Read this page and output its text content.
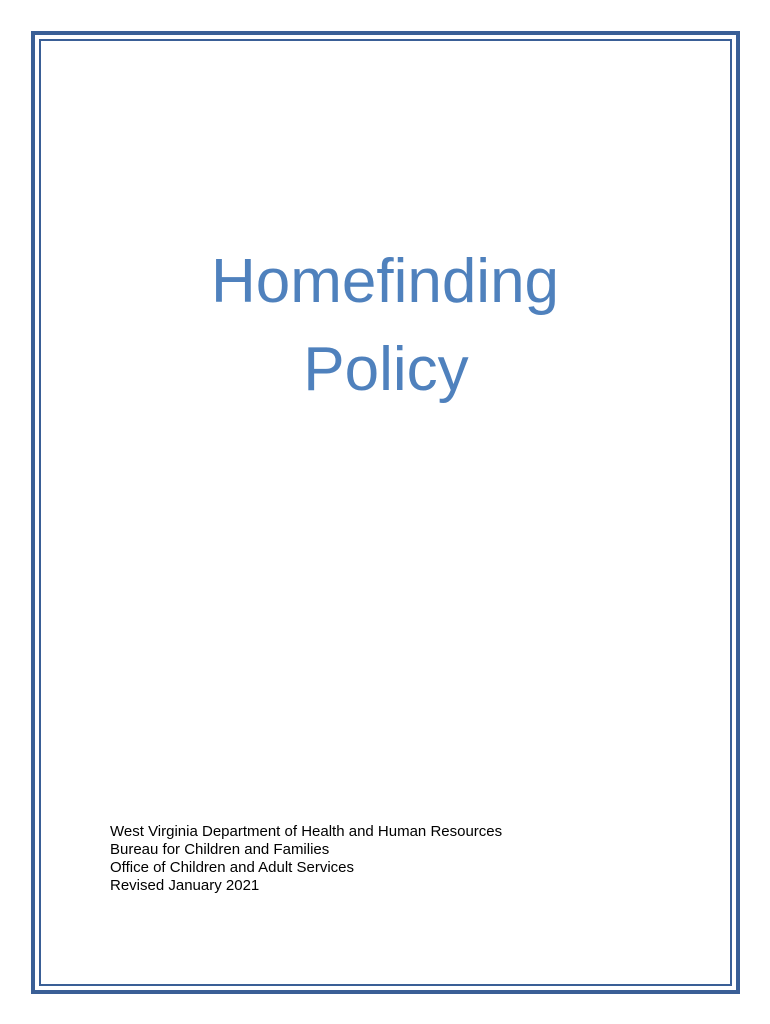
Homefinding
Policy
West Virginia Department of Health and Human Resources
Bureau for Children and Families
Office of Children and Adult Services
Revised January 2021
